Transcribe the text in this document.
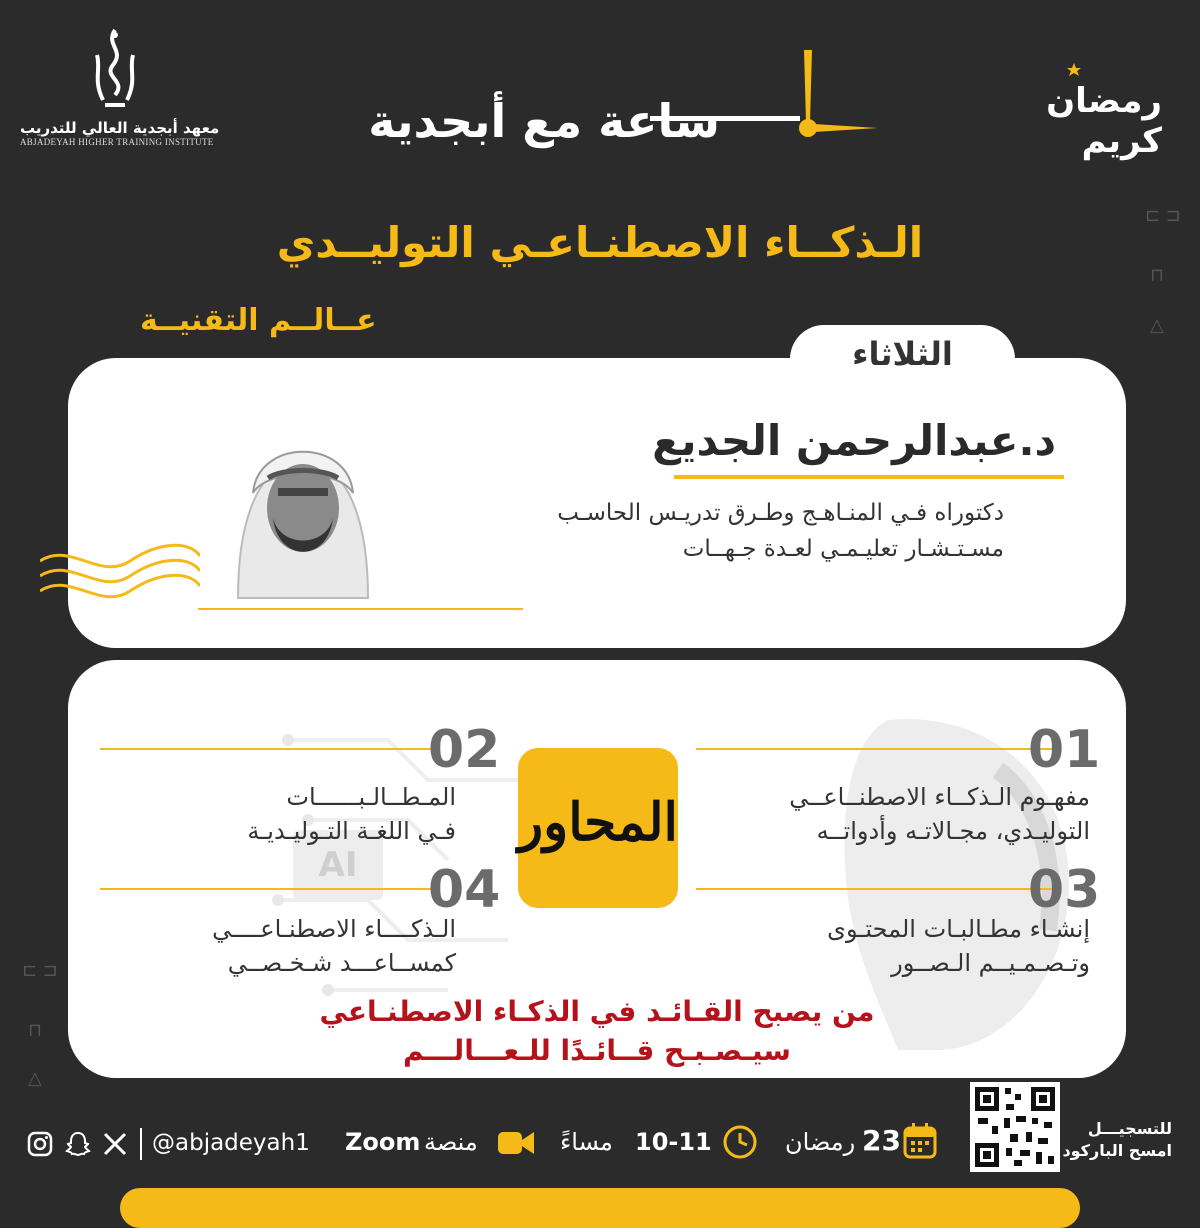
معهد أبجدية العالي للتدريب
ABJADEYAH HIGHER TRAINING INSTITUTE	ساعة مع أبجدية	رمضان كريم
الـذكــاء الاصطنـاعـي التوليــدي
عــالــم التقنيــة
⊏ ⊐
⊓
△
⊏ ⊐
⊓
△
د.عبدالرحمن الجديع
دكتوراه فـي المنـاهـج وطـرق تدريـس الحاسـب
مسـتـشـار تعليـمـي لعـدة جـهــات
الثلاثاء
AI
01
مفهـوم الـذكــاء الاصطنــاعــي
التوليـدي، مجـالاتـه وأدواتــه
02
المـطــالـبــــــات
فـي اللغـة التـوليـديـة المحاور
03
إنشـاء مطـالبـات المحتـوى
وتـصـمـيــم الـصــور
04
الـذكــــاء الاصطنـاعــــي
كمســاعـــد شـخـصــي
من يصبح القـائـد في الذكـاء الاصطنـاعي
سيـصـبـح قــائـدًا للـعـــالـــم
@abjadeyah1 Zoom منصة	مساءً 10-11	رمضان 23	للتسجيـــل
امسح الباركود
